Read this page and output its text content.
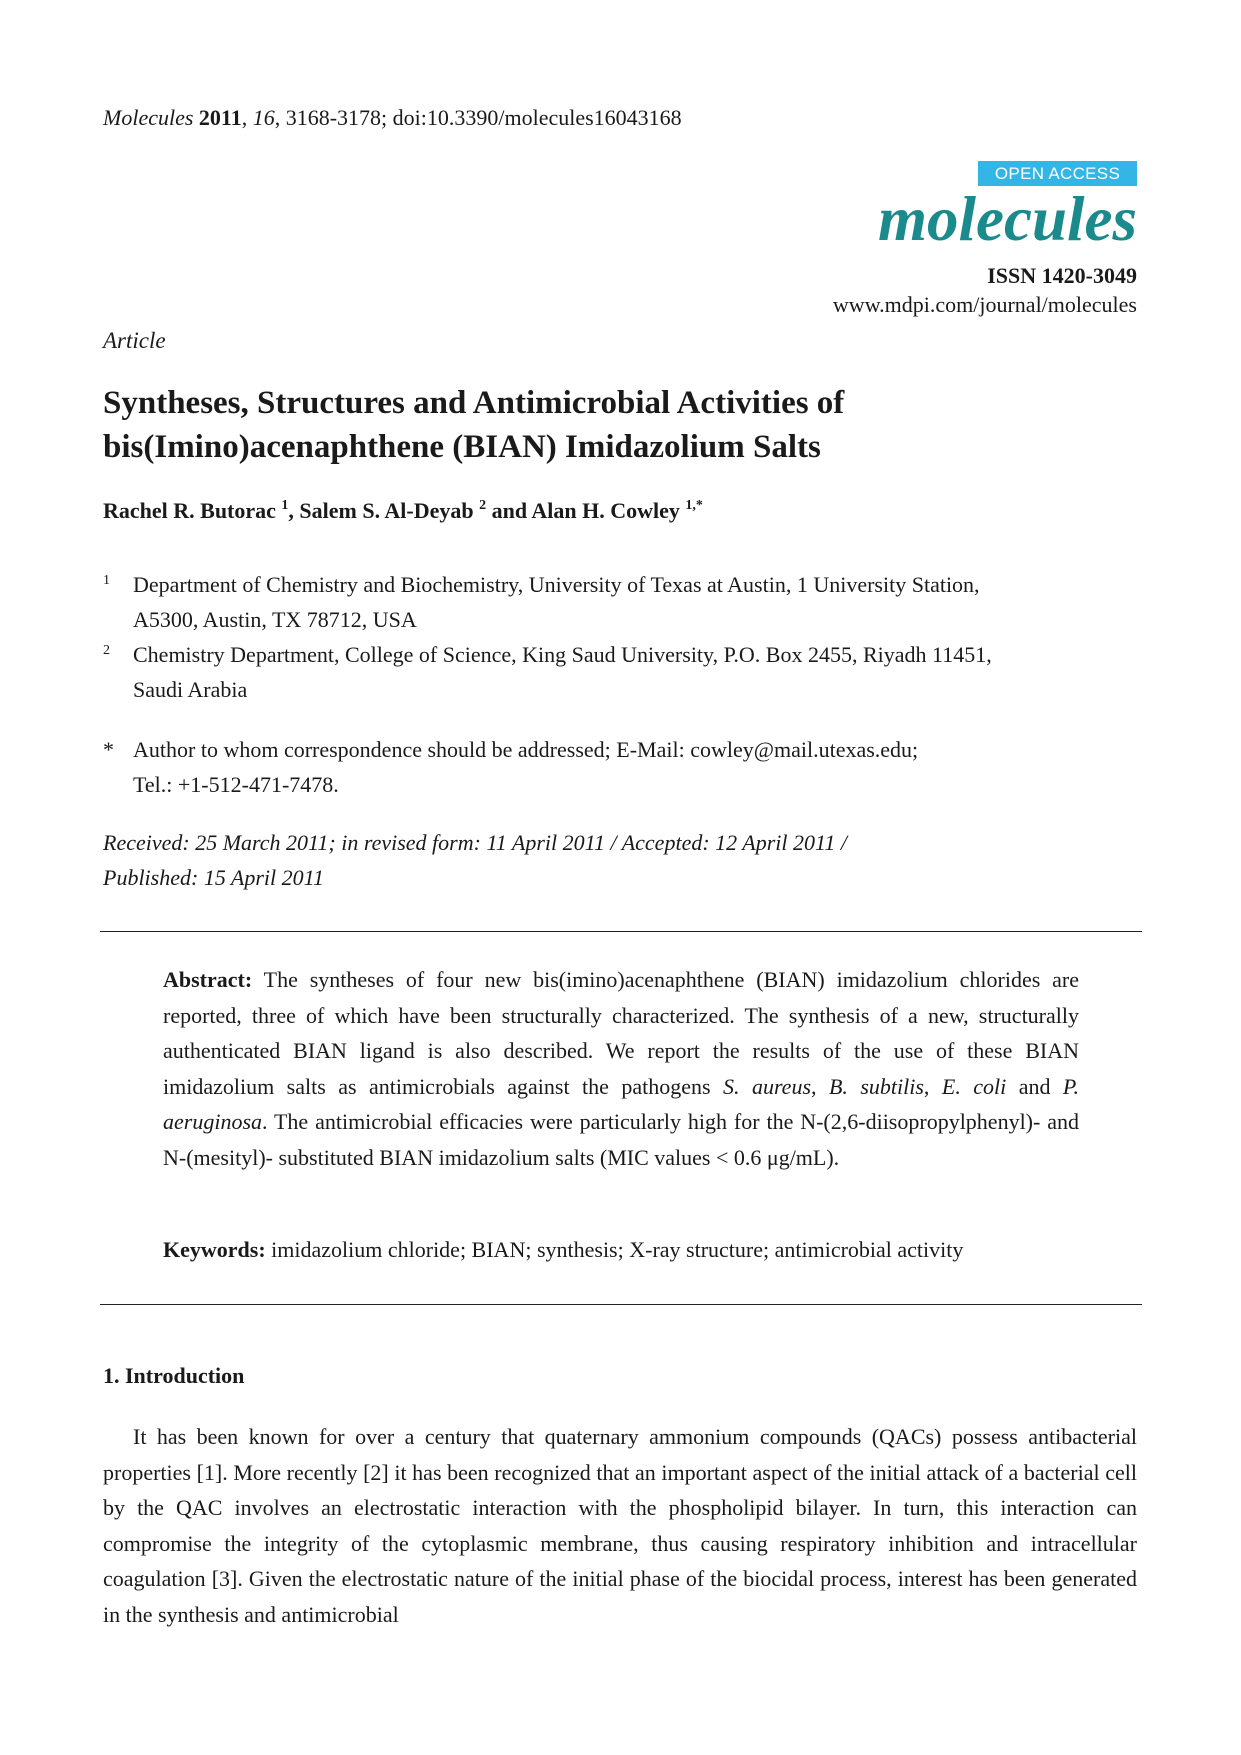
Molecules 2011, 16, 3168-3178; doi:10.3390/molecules16043168
OPEN ACCESS
molecules
ISSN 1420-3049
www.mdpi.com/journal/molecules
Article
Syntheses, Structures and Antimicrobial Activities of
bis(Imino)acenaphthene (BIAN) Imidazolium Salts
Rachel R. Butorac $^1$, Salem S. Al-Deyab $^2$ and Alan H. Cowley $^{1,*}$
1 Department of Chemistry and Biochemistry, University of Texas at Austin, 1 University Station,
A5300, Austin, TX 78712, USA
2 Chemistry Department, College of Science, King Saud University, P.O. Box 2455, Riyadh 11451,
Saudi Arabia
* Author to whom correspondence should be addressed; E-Mail: cowley@mail.utexas.edu;
Tel.: +1-512-471-7478.
Received: 25 March 2011; in revised form: 11 April 2011 / Accepted: 12 April 2011 /
Published: 15 April 2011
Abstract: The syntheses of four new bis(imino)acenaphthene (BIAN) imidazolium chlorides are reported, three of which have been structurally characterized. The synthesis of a new, structurally authenticated BIAN ligand is also described. We report the results of the use of these BIAN imidazolium salts as antimicrobials against the pathogens S. aureus, B. subtilis, E. coli and P. aeruginosa. The antimicrobial efficacies were particularly high for the N-(2,6-diisopropylphenyl)- and N-(mesityl)- substituted BIAN imidazolium salts (MIC values < 0.6 μg/mL).
Keywords: imidazolium chloride; BIAN; synthesis; X-ray structure; antimicrobial activity
1. Introduction
It has been known for over a century that quaternary ammonium compounds (QACs) possess antibacterial properties [1]. More recently [2] it has been recognized that an important aspect of the initial attack of a bacterial cell by the QAC involves an electrostatic interaction with the phospholipid bilayer. In turn, this interaction can compromise the integrity of the cytoplasmic membrane, thus causing respiratory inhibition and intracellular coagulation [3]. Given the electrostatic nature of the initial phase of the biocidal process, interest has been generated in the synthesis and antimicrobial
